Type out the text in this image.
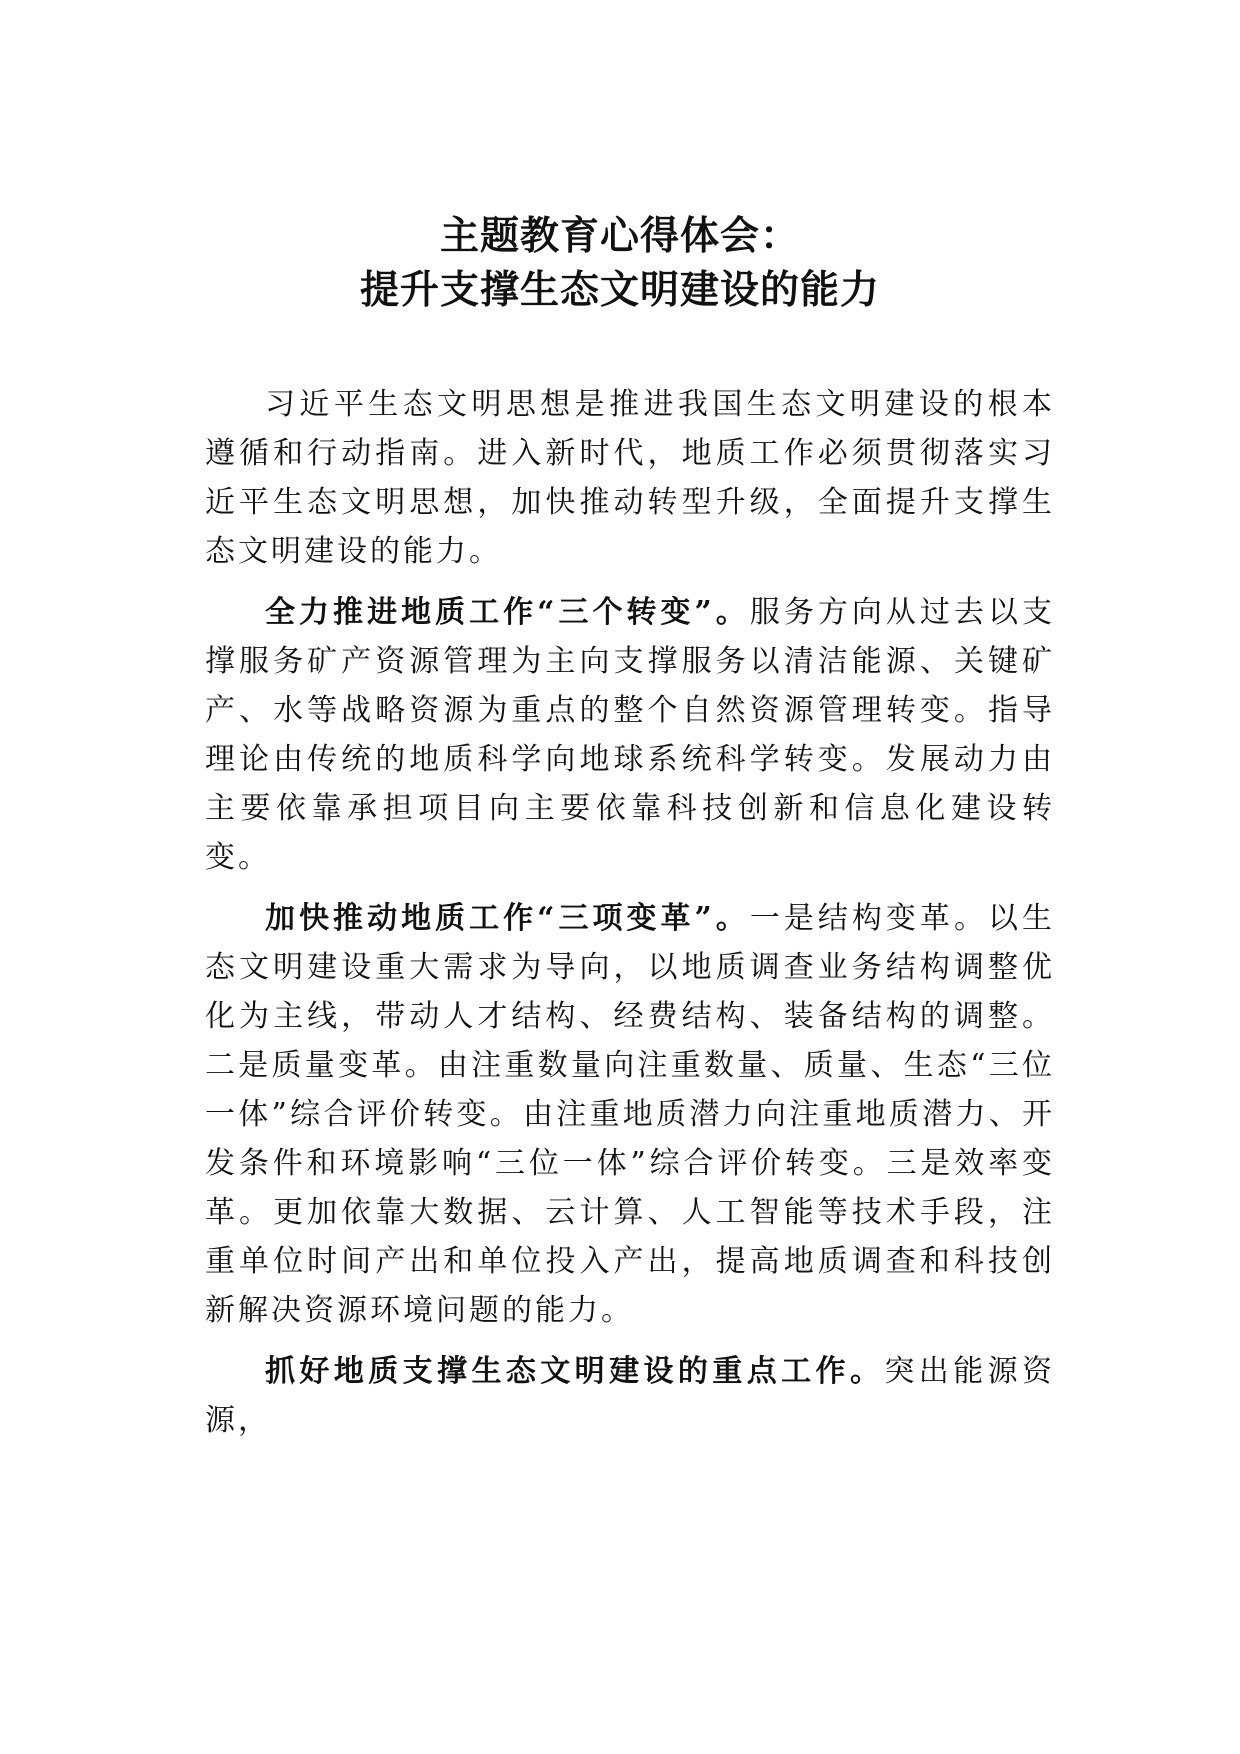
主题教育心得体会：
提升支撑生态文明建设的能力

习近平生态文明思想是推进我国生态文明建设的根本遵循和行动指南。进入新时代，地质工作必须贯彻落实习近平生态文明思想，加快推动转型升级，全面提升支撑生态文明建设的能力。

全力推进地质工作“三个转变”。服务方向从过去以支撑服务矿产资源管理为主向支撑服务以清洁能源、关键矿产、水等战略资源为重点的整个自然资源管理转变。指导理论由传统的地质科学向地球系统科学转变。发展动力由主要依靠承担项目向主要依靠科技创新和信息化建设转变。

加快推动地质工作“三项变革”。一是结构变革。以生态文明建设重大需求为导向，以地质调查业务结构调整优化为主线，带动人才结构、经费结构、装备结构的调整。二是质量变革。由注重数量向注重数量、质量、生态“三位一体”综合评价转变。由注重地质潜力向注重地质潜力、开发条件和环境影响“三位一体”综合评价转变。三是效率变革。更加依靠大数据、云计算、人工智能等技术手段，注重单位时间产出和单位投入产出，提高地质调查和科技创新解决资源环境问题的能力。

抓好地质支撑生态文明建设的重点工作。突出能源资源，
